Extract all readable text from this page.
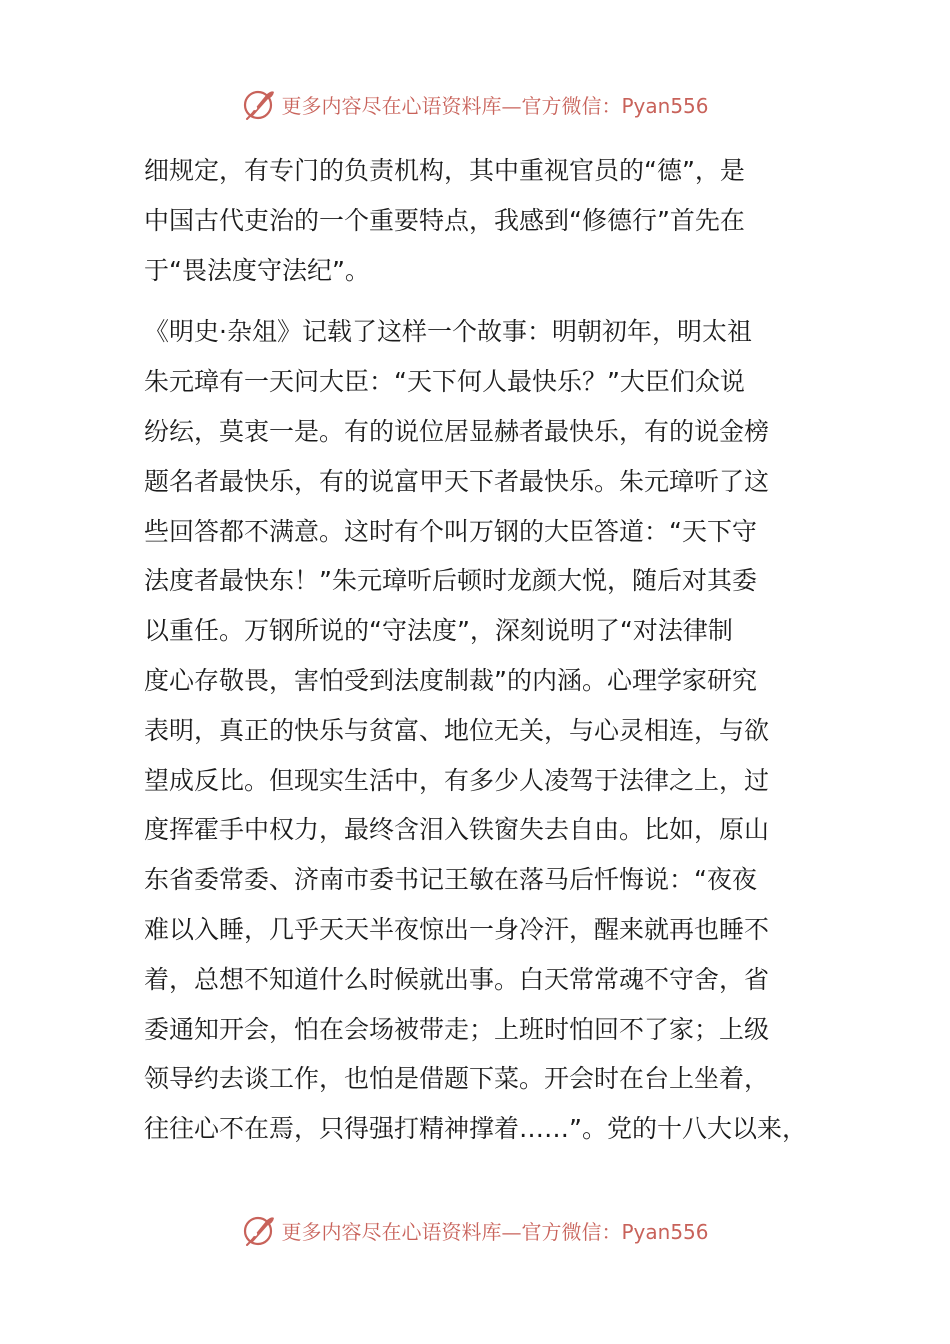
更多内容尽在心语资料库—官方微信：Pyan556
细规定，有专门的负责机构，其中重视官员的“德”，是
中国古代吏治的一个重要特点，我感到“修德行”首先在
于“畏法度守法纪”。
《明史·杂俎》记载了这样一个故事：明朝初年，明太祖
朱元璋有一天问大臣：“天下何人最快乐？”大臣们众说
纷纭，莫衷一是。有的说位居显赫者最快乐，有的说金榜
题名者最快乐，有的说富甲天下者最快乐。朱元璋听了这
些回答都不满意。这时有个叫万钢的大臣答道：“天下守
法度者最快东！”朱元璋听后顿时龙颜大悦，随后对其委
以重任。万钢所说的“守法度”，深刻说明了“对法律制
度心存敬畏，害怕受到法度制裁”的内涵。心理学家研究
表明，真正的快乐与贫富、地位无关，与心灵相连，与欲
望成反比。但现实生活中，有多少人凌驾于法律之上，过
度挥霍手中权力，最终含泪入铁窗失去自由。比如，原山
东省委常委、济南市委书记王敏在落马后忏悔说：“夜夜
难以入睡，几乎天天半夜惊出一身冷汗，醒来就再也睡不
着，总想不知道什么时候就出事。白天常常魂不守舍，省
委通知开会，怕在会场被带走；上班时怕回不了家；上级
领导约去谈工作，也怕是借题下菜。开会时在台上坐着，
往往心不在焉，只得强打精神撑着……”。党的十八大以来，
更多内容尽在心语资料库—官方微信：Pyan556
